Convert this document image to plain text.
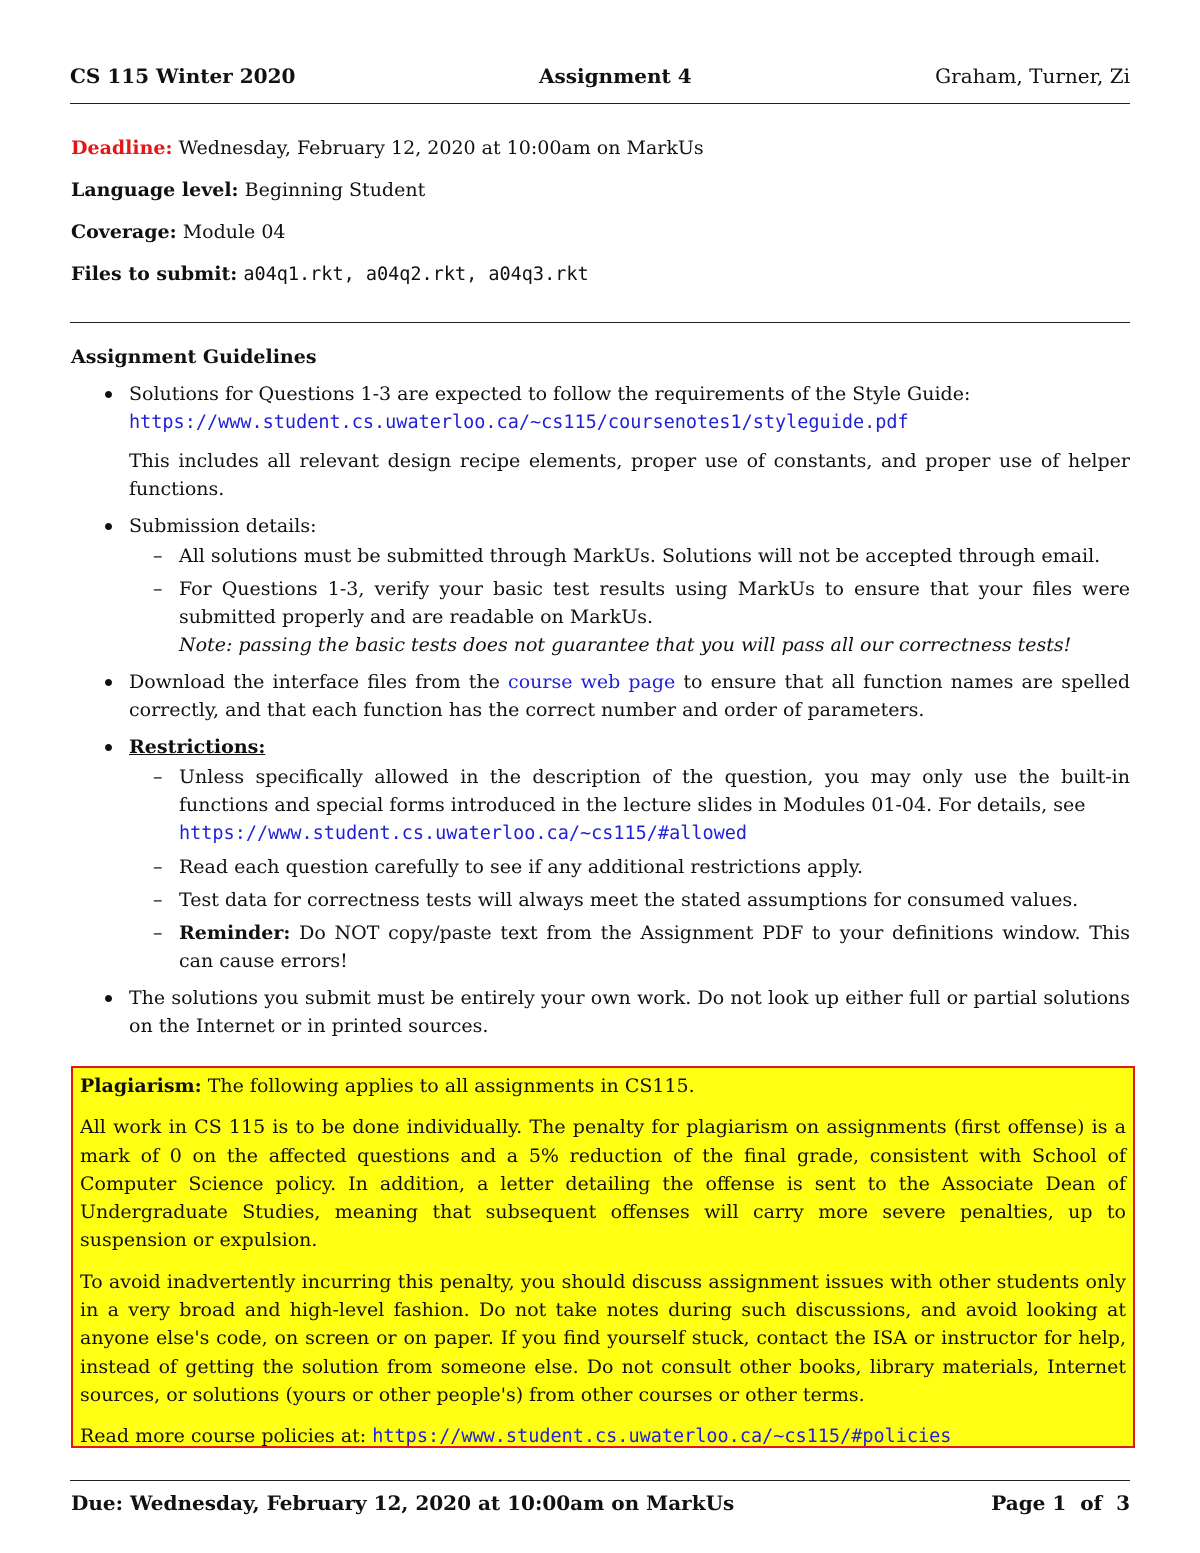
CS 115 Winter 2020	Assignment 4	Graham, Turner, Zi
Deadline: Wednesday, February 12, 2020 at 10:00am on MarkUs
Language level: Beginning Student
Coverage: Module 04
Files to submit: a04q1.rkt, a04q2.rkt, a04q3.rkt
Assignment Guidelines
Solutions for Questions 1-3 are expected to follow the requirements of the Style Guide:
https://www.student.cs.uwaterloo.ca/~cs115/coursenotes1/styleguide.pdf
This includes all relevant design recipe elements, proper use of constants, and proper use of helper functions.
Submission details:
– All solutions must be submitted through MarkUs. Solutions will not be accepted through email.
– For Questions 1-3, verify your basic test results using MarkUs to ensure that your files were submitted properly and are readable on MarkUs.
Note: passing the basic tests does not guarantee that you will pass all our correctness tests!
Download the interface files from the course web page to ensure that all function names are spelled correctly, and that each function has the correct number and order of parameters.
Restrictions:
– Unless specifically allowed in the description of the question, you may only use the built-in functions and special forms introduced in the lecture slides in Modules 01-04. For details, see
https://www.student.cs.uwaterloo.ca/~cs115/#allowed
– Read each question carefully to see if any additional restrictions apply.
– Test data for correctness tests will always meet the stated assumptions for consumed values.
– Reminder: Do NOT copy/paste text from the Assignment PDF to your definitions window. This can cause errors!
The solutions you submit must be entirely your own work. Do not look up either full or partial solutions on the Internet or in printed sources.

Plagiarism: The following applies to all assignments in CS115.

All work in CS 115 is to be done individually. The penalty for plagiarism on assignments (first offense) is a mark of 0 on the affected questions and a 5% reduction of the final grade, consistent with School of Computer Science policy. In addition, a letter detailing the offense is sent to the Associate Dean of Undergraduate Studies, meaning that subsequent offenses will carry more severe penalties, up to suspension or expulsion.

To avoid inadvertently incurring this penalty, you should discuss assignment issues with other students only in a very broad and high-level fashion. Do not take notes during such discussions, and avoid looking at anyone else's code, on screen or on paper. If you find yourself stuck, contact the ISA or instructor for help, instead of getting the solution from someone else. Do not consult other books, library materials, Internet sources, or solutions (yours or other people's) from other courses or other terms.

Read more course policies at: https://www.student.cs.uwaterloo.ca/~cs115/#policies

Due: Wednesday, February 12, 2020 at 10:00am on MarkUs	Page 1  of  3
